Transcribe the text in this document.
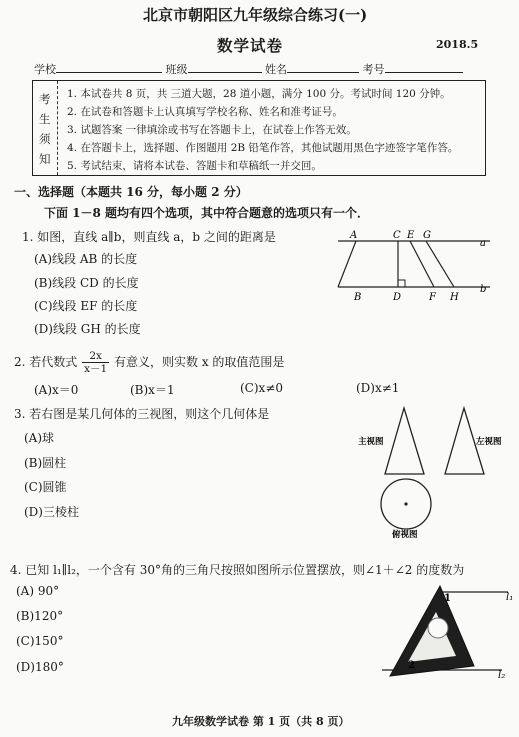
北京市朝阳区九年级综合练习(一)
数学试卷	2018.5
学校	班级	姓名	考号
考
生
须
知
1. 本试卷共 8 页，共 三道大题，28 道小题，满分 100 分。考试时间 120 分钟。
2. 在试卷和答题卡上认真填写学校名称、姓名和准考证号。
3. 试题答案 一律填涂或书写在答题卡上，在试卷上作答无效。
4. 在答题卡上，选择题、作图题用 2B 铅笔作答，其他试题用黑色字迹签字笔作答。
5. 考试结束，请将本试卷、答题卡和草稿纸一并交回。
一、选择题（本题共 16 分，每小题 2 分）
下面 1－8 题均有四个选项，其中符合题意的选项只有一个．
1. 如图，直线 a∥b，则直线 a，b 之间的距离是
(A)线段 AB 的长度
(B)线段 CD 的长度
(C)线段 EF 的长度
(D)线段 GH 的长度
A	C E G
a
B	D	F H
b
2. 若代数式 $\frac{2x}{x-1}$ 有意义，则实数 x 的取值范围是
(A)x＝0	(B)x＝1	(C)x≠0	(D)x≠1
3. 若右图是某几何体的三视图，则这个几何体是
(A)球
(B)圆柱
(C)圆锥
(D)三棱柱
主视图	左视图
俯视图
4. 已知 l₁∥l₂，一个含有 30°角的三角尺按照如图所示位置摆放，则∠1＋∠2 的度数为
(A) 90°
(B)120°
(C)150°
(D)180°
l₁
l₂
1
2
九年级数学试卷 第 1 页（共 8 页）
